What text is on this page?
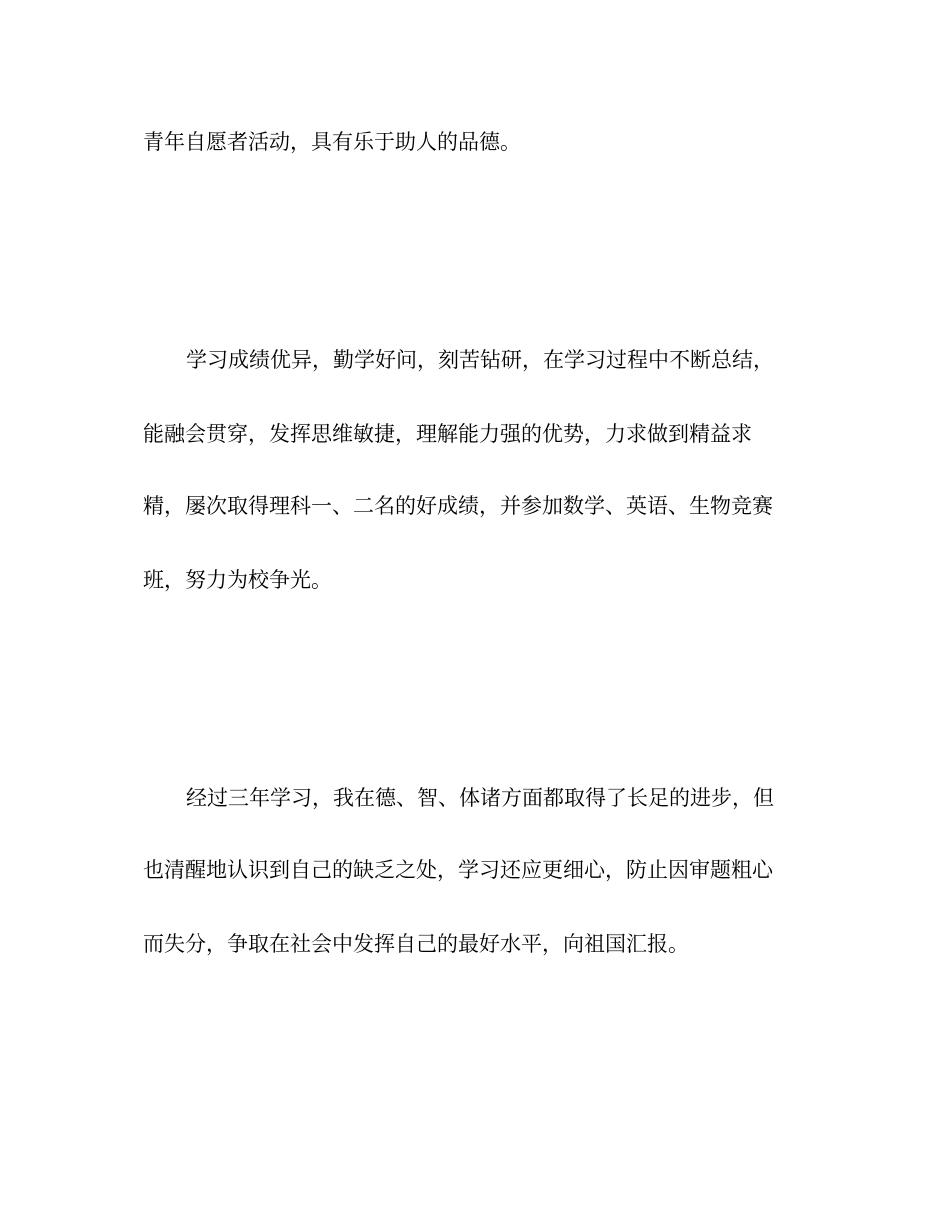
青年自愿者活动，具有乐于助人的品德。

学习成绩优异，勤学好问，刻苦钻研，在学习过程中不断总结，

能融会贯穿，发挥思维敏捷，理解能力强的优势，力求做到精益求

精，屡次取得理科一、二名的好成绩，并参加数学、英语、生物竞赛

班，努力为校争光。

经过三年学习，我在德、智、体诸方面都取得了长足的进步，但

也清醒地认识到自己的缺乏之处，学习还应更细心，防止因审题粗心

而失分，争取在社会中发挥自己的最好水平，向祖国汇报。
